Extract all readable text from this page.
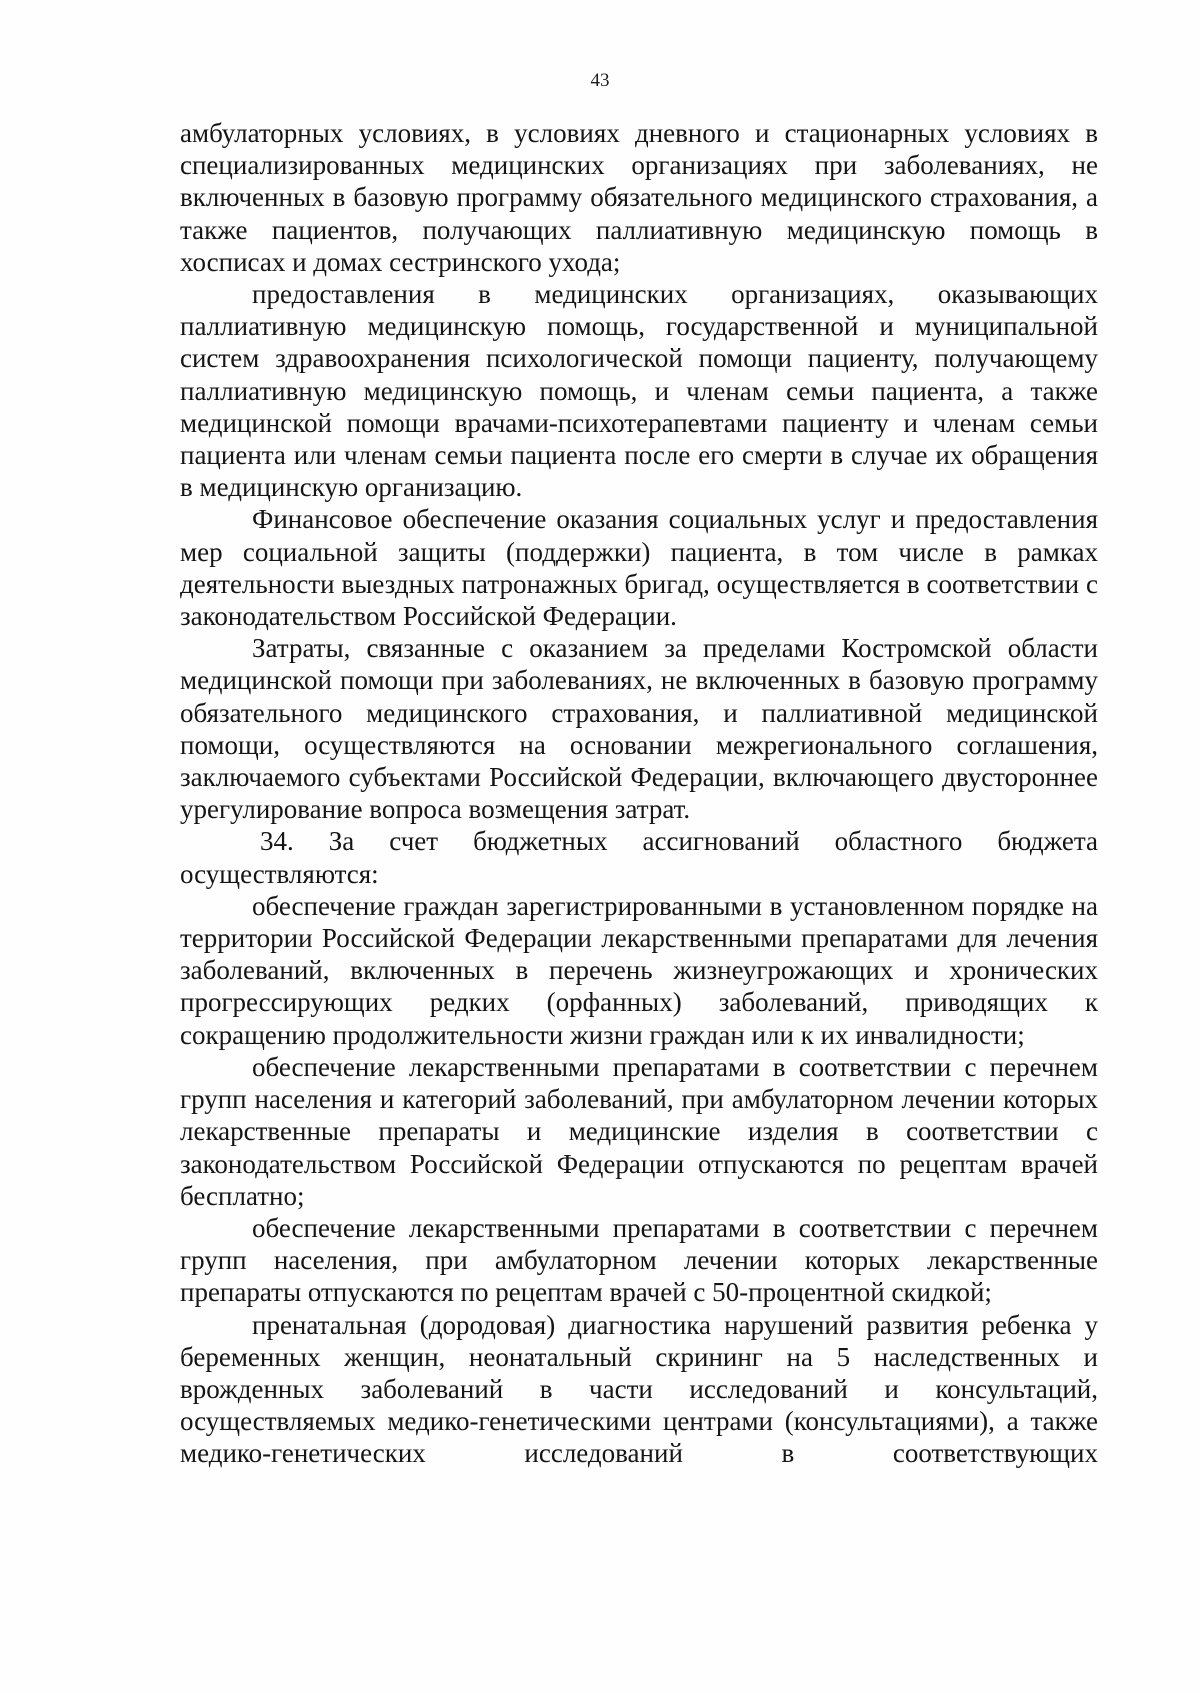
43

амбулаторных условиях, в условиях дневного и стационарных условиях в специализированных медицинских организациях при заболеваниях, не включенных в базовую программу обязательного медицинского страхования, а также пациентов, получающих паллиативную медицинскую помощь в хосписах и домах сестринского ухода;

предоставления в медицинских организациях, оказывающих паллиативную медицинскую помощь, государственной и муниципальной систем здравоохранения психологической помощи пациенту, получающему паллиативную медицинскую помощь, и членам семьи пациента, а также медицинской помощи врачами-психотерапевтами пациенту и членам семьи пациента или членам семьи пациента после его смерти в случае их обращения в медицинскую организацию.

Финансовое обеспечение оказания социальных услуг и предоставления мер социальной защиты (поддержки) пациента, в том числе в рамках деятельности выездных патронажных бригад, осуществляется в соответствии с законодательством Российской Федерации.

Затраты, связанные с оказанием за пределами Костромской области медицинской помощи при заболеваниях, не включенных в базовую программу обязательного медицинского страхования, и паллиативной медицинской помощи, осуществляются на основании межрегионального соглашения, заключаемого субъектами Российской Федерации, включающего двустороннее урегулирование вопроса возмещения затрат.

34. За счет бюджетных ассигнований областного бюджета осуществляются:

обеспечение граждан зарегистрированными в установленном порядке на территории Российской Федерации лекарственными препаратами для лечения заболеваний, включенных в перечень жизнеугрожающих и хронических прогрессирующих редких (орфанных) заболеваний, приводящих к сокращению продолжительности жизни граждан или к их инвалидности;

обеспечение лекарственными препаратами в соответствии с перечнем групп населения и категорий заболеваний, при амбулаторном лечении которых лекарственные препараты и медицинские изделия в соответствии с законодательством Российской Федерации отпускаются по рецептам врачей бесплатно;

обеспечение лекарственными препаратами в соответствии с перечнем групп населения, при амбулаторном лечении которых лекарственные препараты отпускаются по рецептам врачей с 50-процентной скидкой;

пренатальная (дородовая) диагностика нарушений развития ребенка у беременных женщин, неонатальный скрининг на 5 наследственных и врожденных заболеваний в части исследований и консультаций, осуществляемых медико-генетическими центрами (консультациями), а также медико-генетических исследований в соответствующих
